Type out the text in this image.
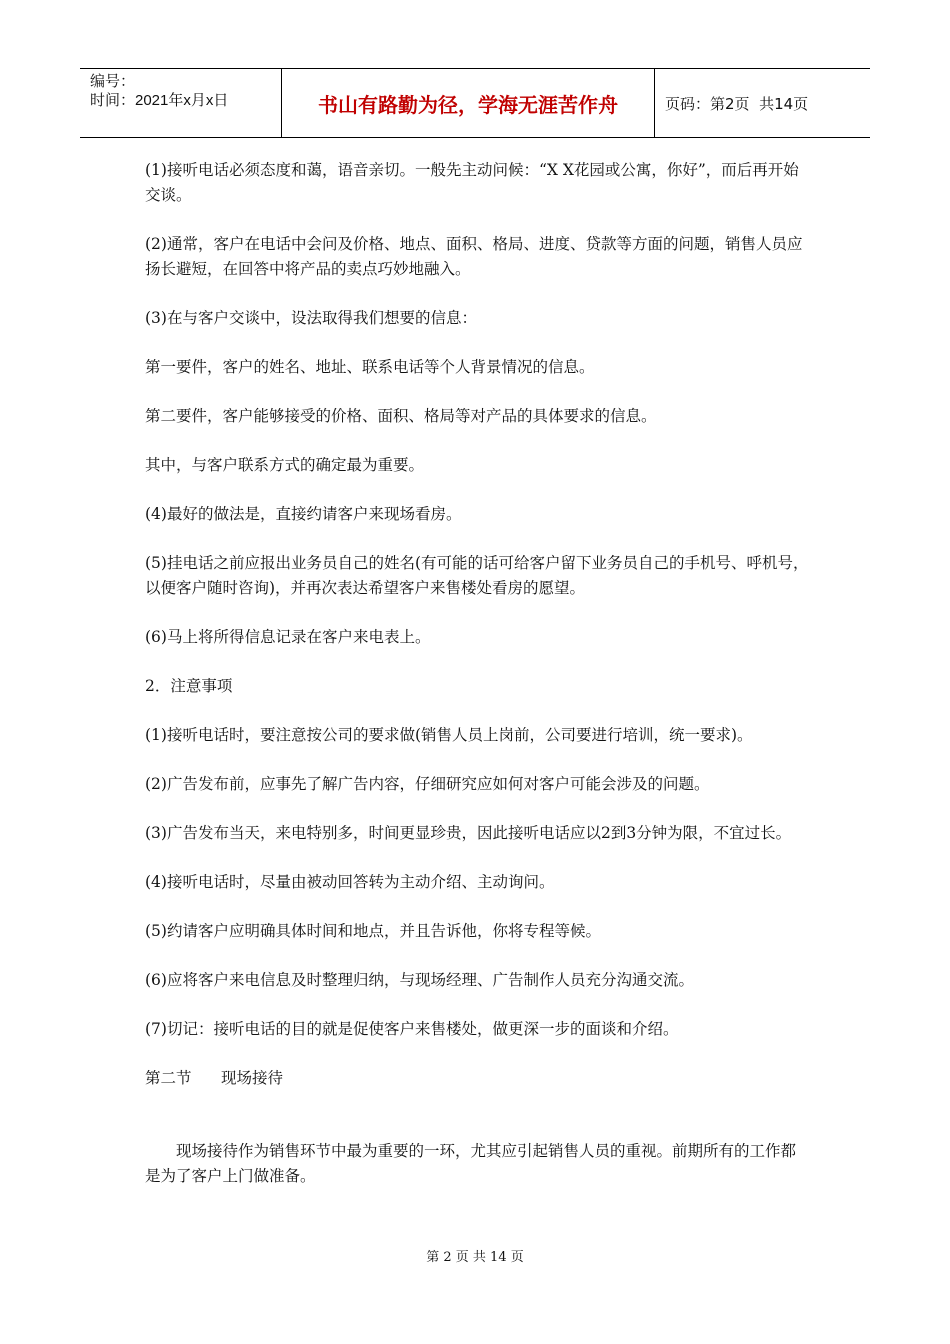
编号：
时间：2021年x月x日	书山有路勤为径，学海无涯苦作舟	页码：第2页  共14页

(1)接听电话必须态度和蔼，语音亲切。一般先主动问候：“X X花园或公寓，你好”，而后再开始交谈。

(2)通常，客户在电话中会问及价格、地点、面积、格局、进度、贷款等方面的问题，销售人员应扬长避短，在回答中将产品的卖点巧妙地融入。

(3)在与客户交谈中，设法取得我们想要的信息：

第一要件，客户的姓名、地址、联系电话等个人背景情况的信息。

第二要件，客户能够接受的价格、面积、格局等对产品的具体要求的信息。

其中，与客户联系方式的确定最为重要。

(4)最好的做法是，直接约请客户来现场看房。

(5)挂电话之前应报出业务员自己的姓名(有可能的话可给客户留下业务员自己的手机号、呼机号，以便客户随时咨询)，并再次表达希望客户来售楼处看房的愿望。

(6)马上将所得信息记录在客户来电表上。

2．注意事项

(1)接听电话时，要注意按公司的要求做(销售人员上岗前，公司要进行培训，统一要求)。

(2)广告发布前，应事先了解广告内容，仔细研究应如何对客户可能会涉及的问题。

(3)广告发布当天，来电特别多，时间更显珍贵，因此接听电话应以2到3分钟为限，不宜过长。

(4)接听电话时，尽量由被动回答转为主动介绍、主动询问。

(5)约请客户应明确具体时间和地点，并且告诉他，你将专程等候。

(6)应将客户来电信息及时整理归纳，与现场经理、广告制作人员充分沟通交流。

(7)切记：接听电话的目的就是促使客户来售楼处，做更深一步的面谈和介绍。

第二节      现场接待

现场接待作为销售环节中最为重要的一环，尤其应引起销售人员的重视。前期所有的工作都是为了客户上门做准备。

第 2 页 共 14 页
